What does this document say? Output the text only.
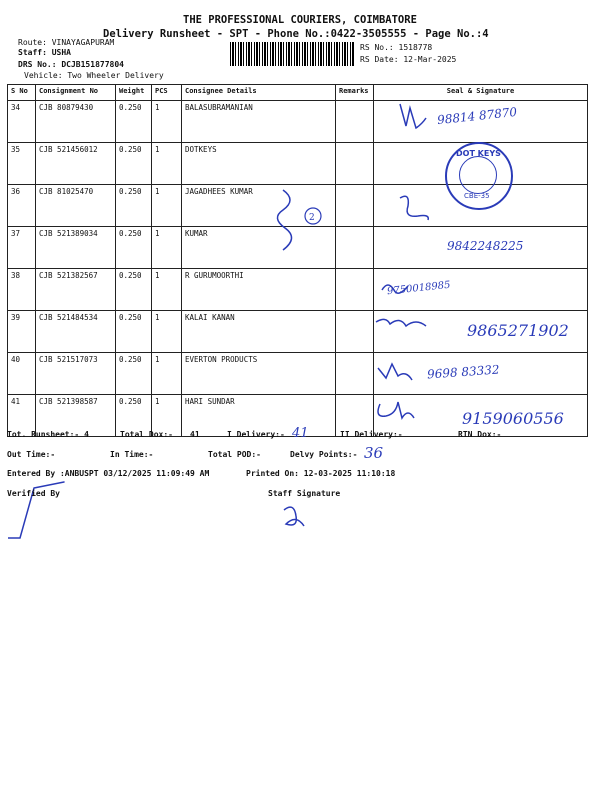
THE PROFESSIONAL COURIERS, COIMBATORE
Delivery Runsheet - SPT - Phone No.:0422-3505555 - Page No.:4
Route: VINAYAGAPURAM
Staff: USHA
DRS No.: DCJB151877804
Vehicle: Two Wheeler Delivery
RS No.: 1518778
RS Date: 12-Mar-2025
S No	Consignment No	Weight	PCS	Consignee Details	Remarks	Seal & Signature
34	CJB 80879430	0.250	1	BALASUBRAMANIAN		98814 87870
35	CJB 521456012	0.250	1	DOTKEYS		
36	CJB 81025470	0.250	1	JAGADHEES KUMAR		
37	CJB 521389034	0.250	1	KUMAR		9842248225
38	CJB 521382567	0.250	1	R GURUMOORTHI		9750018985
39	CJB 521484534	0.250	1	KALAI KANAN		9865271902
40	CJB 521517073	0.250	1	EVERTON PRODUCTS		9698 83332
41	CJB 521398587	0.250	1	HARI SUNDAR		9159060556
DOT KEYS
CBE-35
2
Tot. Runsheet:- 4	Total Dox:- 41	I Delivery:- 41	II Delivery:-	RTN Dox:-
Out Time:-	In Time:-	Total POD:-	Delvy Points:- 36
Entered By :ANBUSPT 03/12/2025 11:09:49 AM	Printed On: 12-03-2025 11:10:18
Verified By	Staff Signature
